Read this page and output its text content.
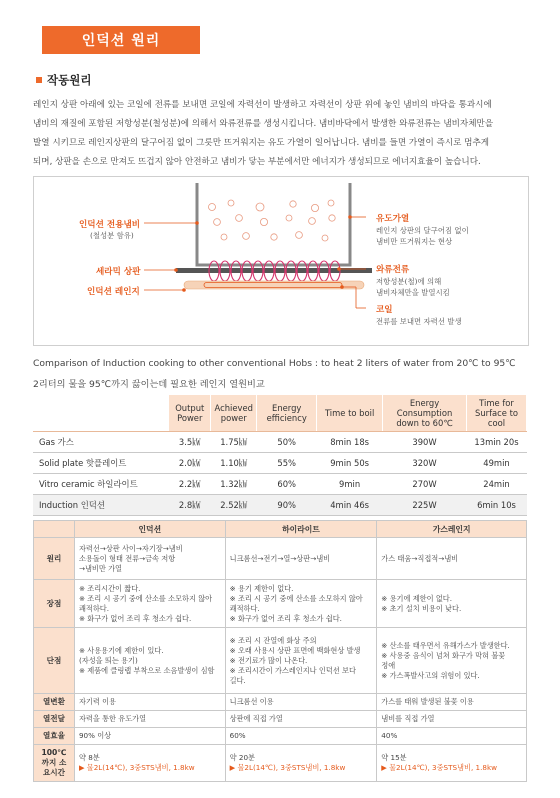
인덕션 원리
작동원리
레인지 상판 아래에 있는 코일에 전류를 보내면 코일에 자력선이 발생하고 자력선이 상판 위에 놓인 냄비의 바닥을 통과시에
냄비의 재질에 포함된 저항성분(철성분)에 의해서 와류전류를 생성시킵니다. 냄비바닥에서 발생한 와류전류는 냄비자체만을
발열 시키므로 레인지상판의 달구어짐 없이 그릇만 뜨거워지는 유도 가열이 일어납니다. 냄비를 들면 가열이 즉시로 멈추게
되며, 상판을 손으로 만져도 뜨겁지 않아 안전하고 냄비가 닿는 부분에서만 에너지가 생성되므로 에너지효율이 높습니다.
인덕션 전용냄비
(철성분 함유)
세라믹 상판
인덕션 레인지
유도가열
레인지 상판의 달구어짐 없이
냄비만 뜨거워지는 현상
와류전류
저항성분(철)에 의해
냄비자체만을 발열시킴
코일
전류를 보내면 자력선 발생
Comparison of Induction cooking to other conventional Hobs : to heat 2 liters of water from 20℃ to 95℃
2리터의 물을 95℃까지 끓이는데 필요한 레인지 열원비교
	Output Power	Achieved power	Energy efficiency	Time to boil	Energy Consumption down to 60℃	Time for Surface to cool
Gas 가스	3.5㎾	1.75㎾	50%	8min 18s	390W	13min 20s
Solid plate 핫플레이트	2.0㎾	1.10㎾	55%	9min 50s	320W	49min
Vitro ceramic 하일라이트	2.2㎾	1.32㎾	60%	9min	270W	24min
Induction 인덕션	2.8㎾	2.52㎾	90%	4min 46s	225W	6min 10s
	인덕션	하이라이트	가스레인지
원리	자력선→상판 사이→자기장→냄비
소용돌이 형태 전류→금속 저항
→냄비만 가열	니크롬선→전기→열→상판→냄비	가스 태움→직접적→냄비

장점	※ 조리시간이 짧다.
※ 조리 시 공기 중에 산소를 소모하지 않아
쾌적하다.
※ 화구가 없어 조리 후 청소가 쉽다.	※ 용기 제한이 없다.
※ 조리 시 공기 중에 산소를 소모하지 않아
쾌적하다.
※ 화구가 없어 조리 후 청소가 쉽다.	※ 용기에 제한이 없다.
※ 초기 설치 비용이 낮다.

단점	※ 사용용기에 제한이 있다.
(자성을 띄는 용기)
※ 제품에 클링랩 부착으로 소음발생이 심함	※ 조리 시 잔열에 화상 주의
※ 오래 사용시 상판 표면에 백화현상 발생
※ 전기료가 많이 나온다.
※ 조리시간이 가스레인지나 인덕션 보다
길다.	※ 산소를 태우면서 유해가스가 발생한다.
※ 사용중 음식이 넘쳐 화구가 막혀 불꽃
정애
※ 가스폭발사고의 위험이 있다.

열변환	자기력 이용	니크롬선 이용	가스를 태워 발생된 불꽃 이용

열전달	자력을 통한 유도가열	상판에 직접 가열	냄비를 직접 가열

열효율	90% 이상	60%	40%

100℃까지 소요시간	약 8분
▶ 물2L(14℃), 3중STS냄비, 1.8kw	약 20분
▶ 물2L(14℃), 3중STS냄비, 1.8kw	약 15분
▶ 물2L(14℃), 3중STS냄비, 1.8kw
